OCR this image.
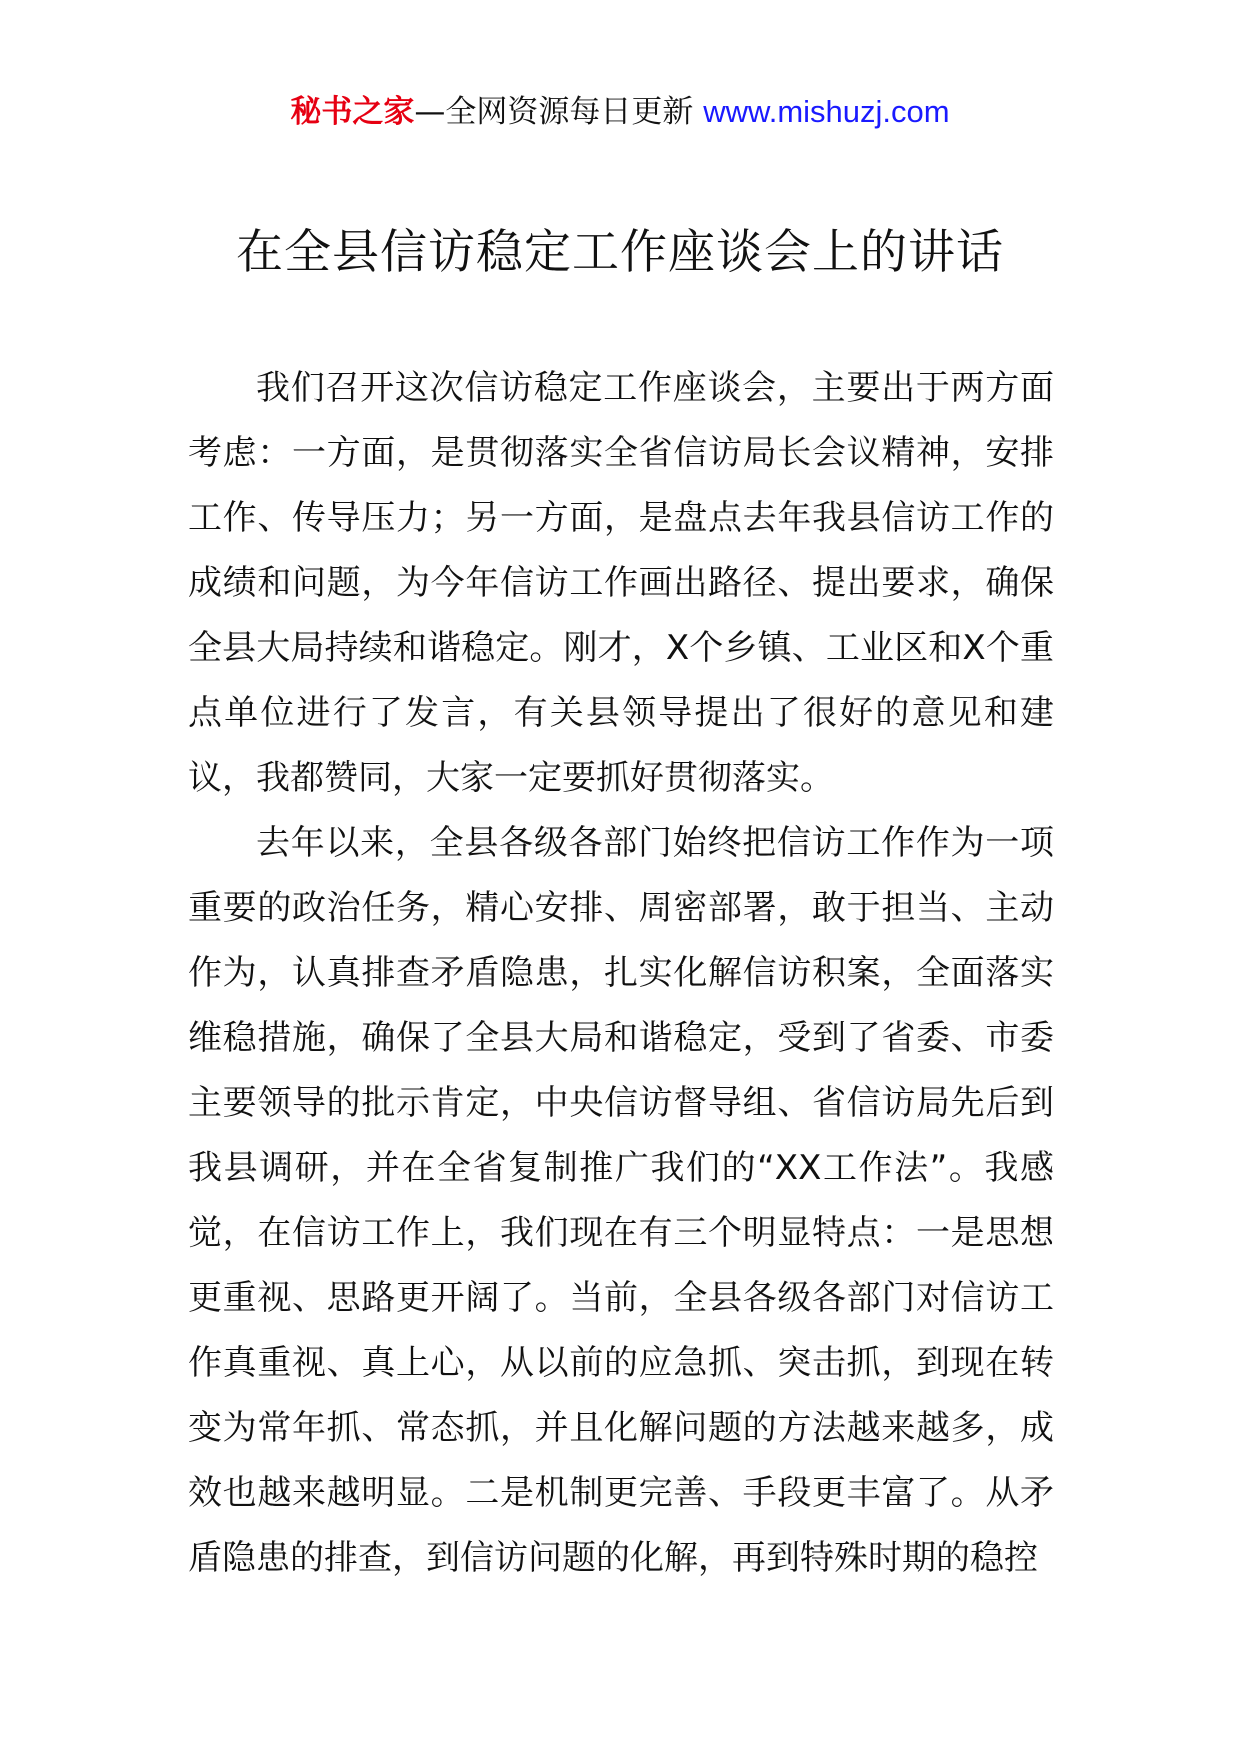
秘书之家—全网资源每日更新 www.mishuzj.com
在全县信访稳定工作座谈会上的讲话

我们召开这次信访稳定工作座谈会，主要出于两方面考虑：一方面，是贯彻落实全省信访局长会议精神，安排工作、传导压力；另一方面，是盘点去年我县信访工作的成绩和问题，为今年信访工作画出路径、提出要求，确保全县大局持续和谐稳定。刚才，X个乡镇、工业区和X个重点单位进行了发言，有关县领导提出了很好的意见和建议，我都赞同，大家一定要抓好贯彻落实。

去年以来，全县各级各部门始终把信访工作作为一项重要的政治任务，精心安排、周密部署，敢于担当、主动作为，认真排查矛盾隐患，扎实化解信访积案，全面落实维稳措施，确保了全县大局和谐稳定，受到了省委、市委主要领导的批示肯定，中央信访督导组、省信访局先后到我县调研，并在全省复制推广我们的“XX工作法”。我感觉，在信访工作上，我们现在有三个明显特点：一是思想更重视、思路更开阔了。当前，全县各级各部门对信访工作真重视、真上心，从以前的应急抓、突击抓，到现在转变为常年抓、常态抓，并且化解问题的方法越来越多，成效也越来越明显。二是机制更完善、手段更丰富了。从矛盾隐患的排查，到信访问题的化解，再到特殊时期的稳控
